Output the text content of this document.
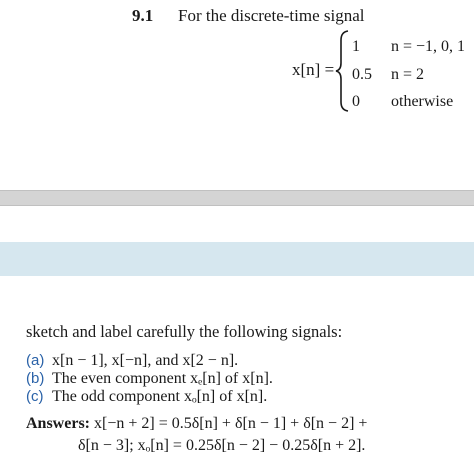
9.1 For the discrete-time signal
x[n] =
1 n = −1, 0, 1
0.5 n = 2
0 otherwise
sketch and label carefully the following signals:
(a) x[n − 1], x[−n], and x[2 − n].
(b) The even component xₑ[n] of x[n].
(c) The odd component xₒ[n] of x[n].
Answers: x[−n + 2] = 0.5δ[n] + δ[n − 1] + δ[n − 2] +
δ[n − 3]; xₒ[n] = 0.25δ[n − 2] − 0.25δ[n + 2].
